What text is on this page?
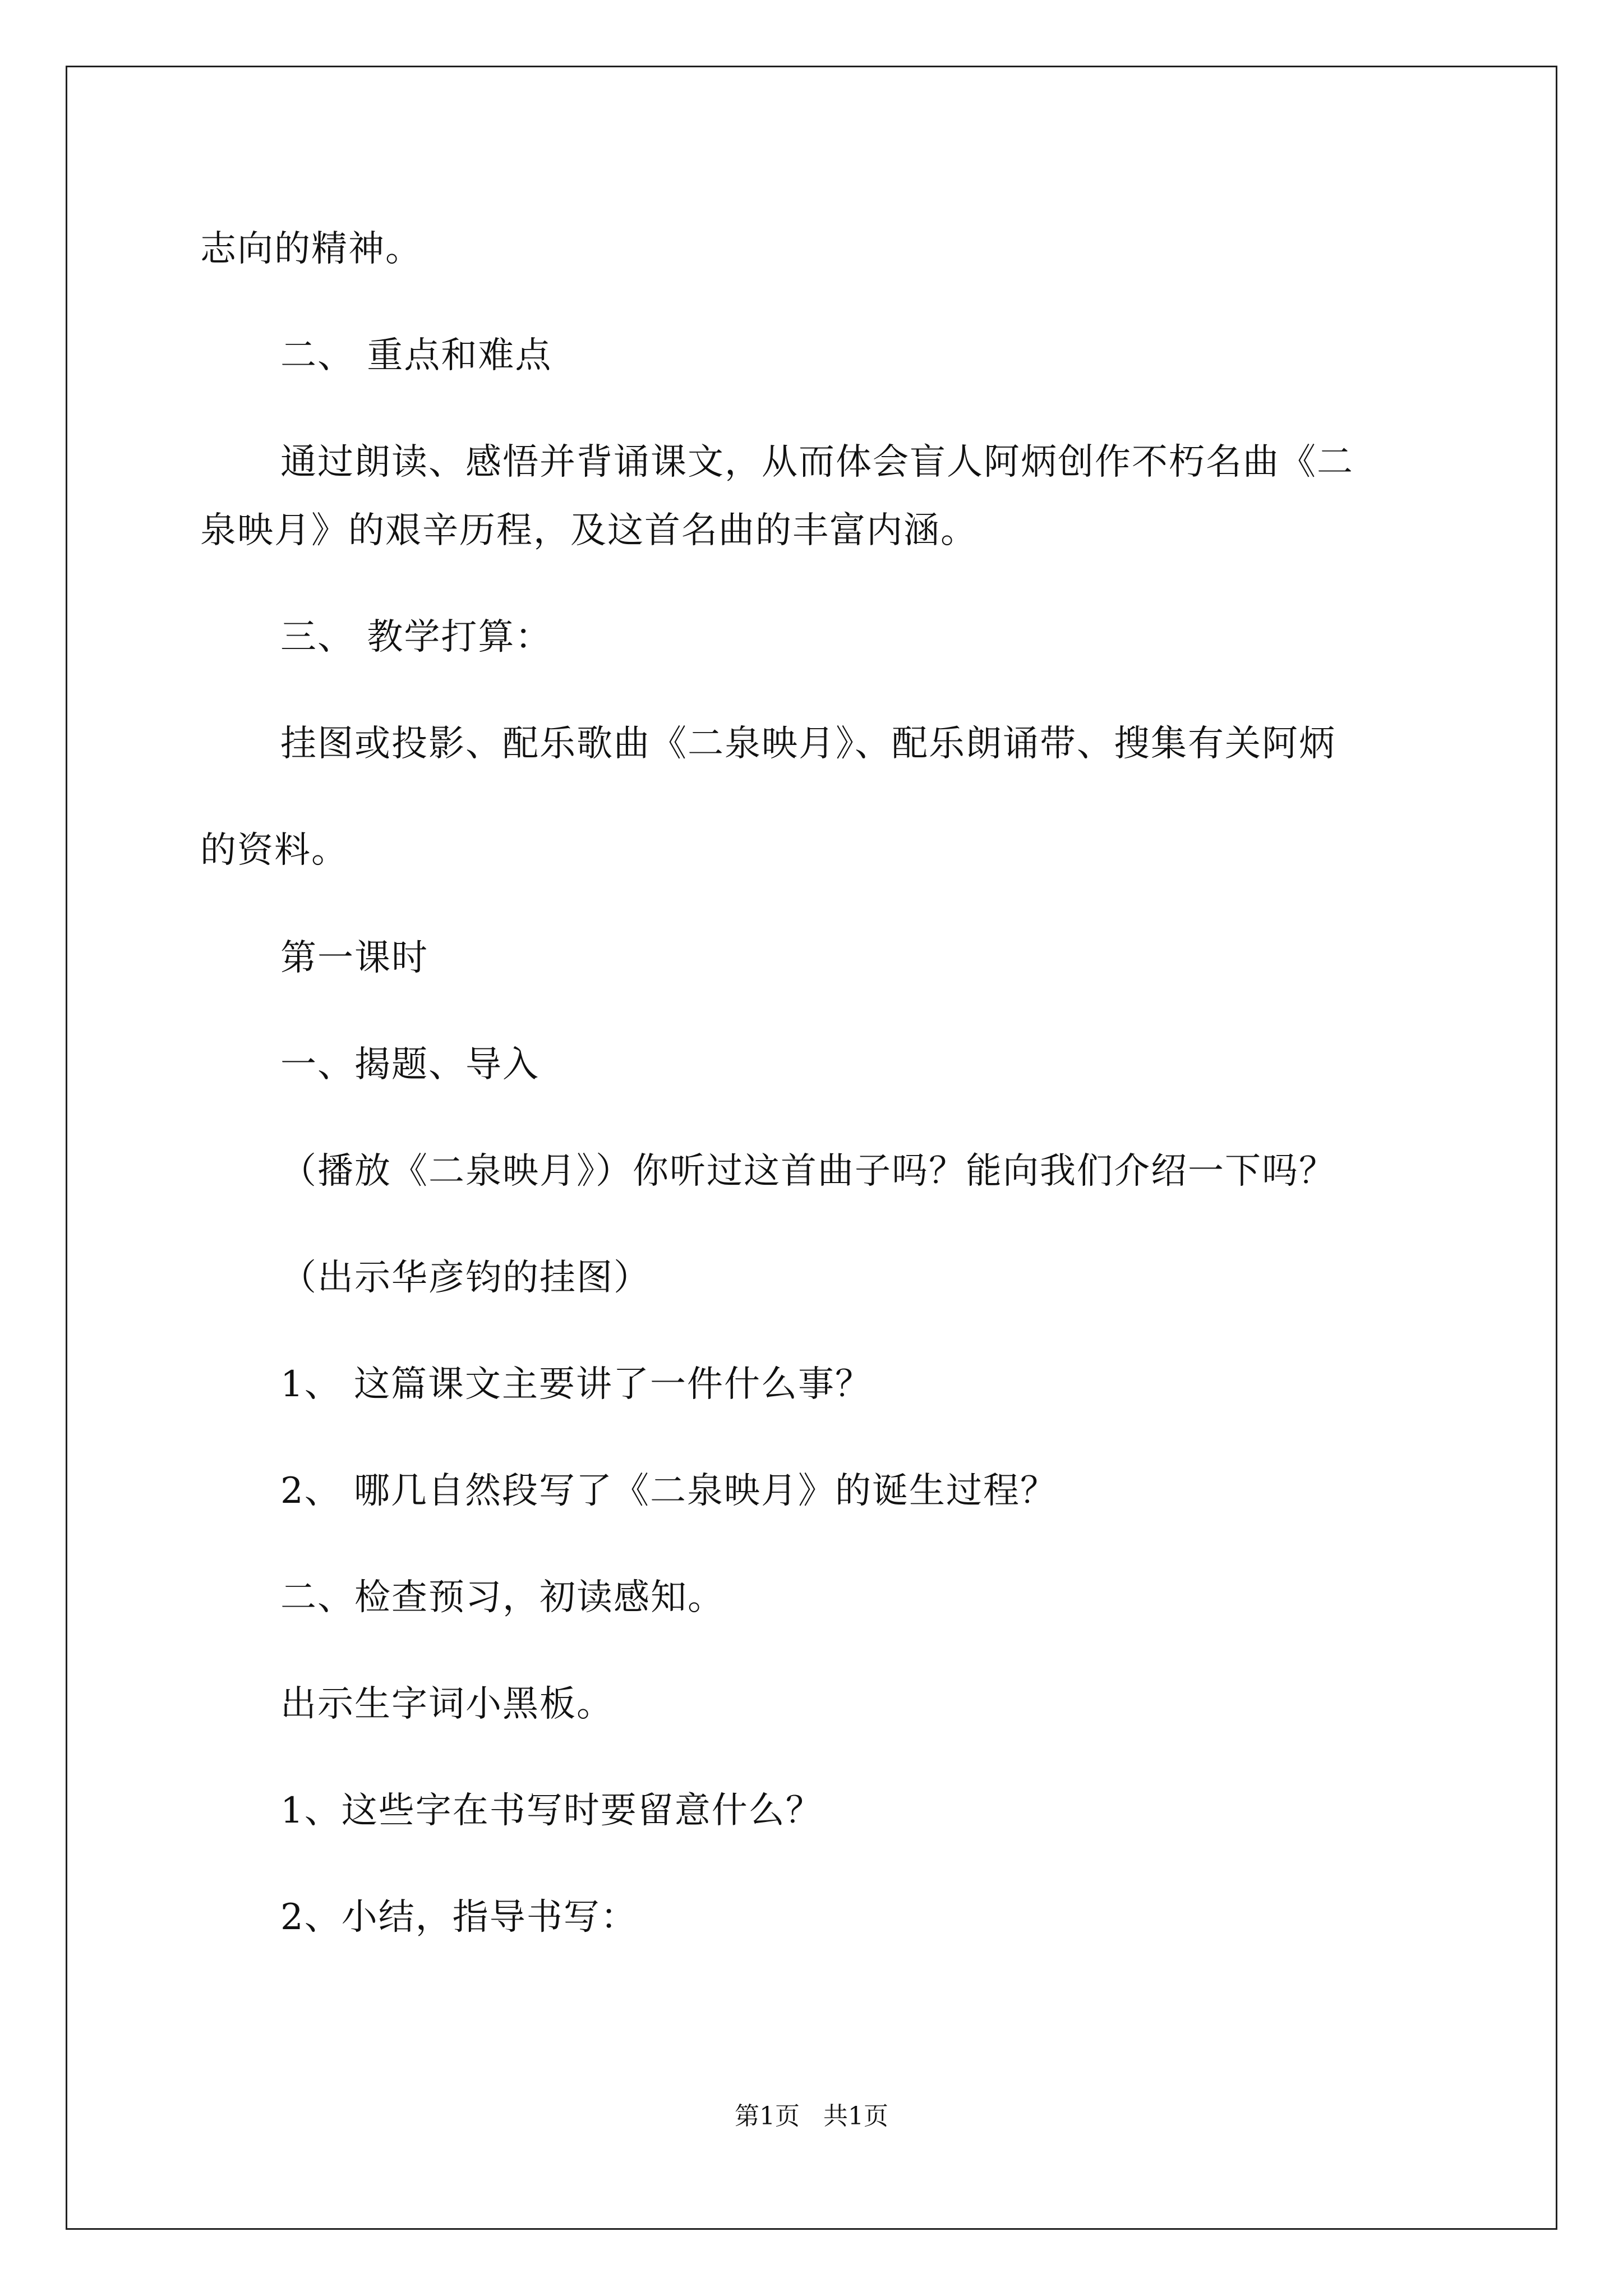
志向的精神。
二、 重点和难点
通过朗读、感悟并背诵课文，从而体会盲人阿炳创作不朽名曲《二
泉映月》的艰辛历程，及这首名曲的丰富内涵。
三、 教学打算：
挂图或投影、配乐歌曲《二泉映月》、配乐朗诵带、搜集有关阿炳
的资料。
第一课时
一、揭题、导入
（播放《二泉映月》）你听过这首曲子吗？能向我们介绍一下吗？
（出示华彦钧的挂图）
1、 这篇课文主要讲了一件什么事？
2、 哪几自然段写了《二泉映月》的诞生过程？
二、检查预习，初读感知。
出示生字词小黑板。
1、这些字在书写时要留意什么？
2、小结，指导书写：
第1页   共1页
